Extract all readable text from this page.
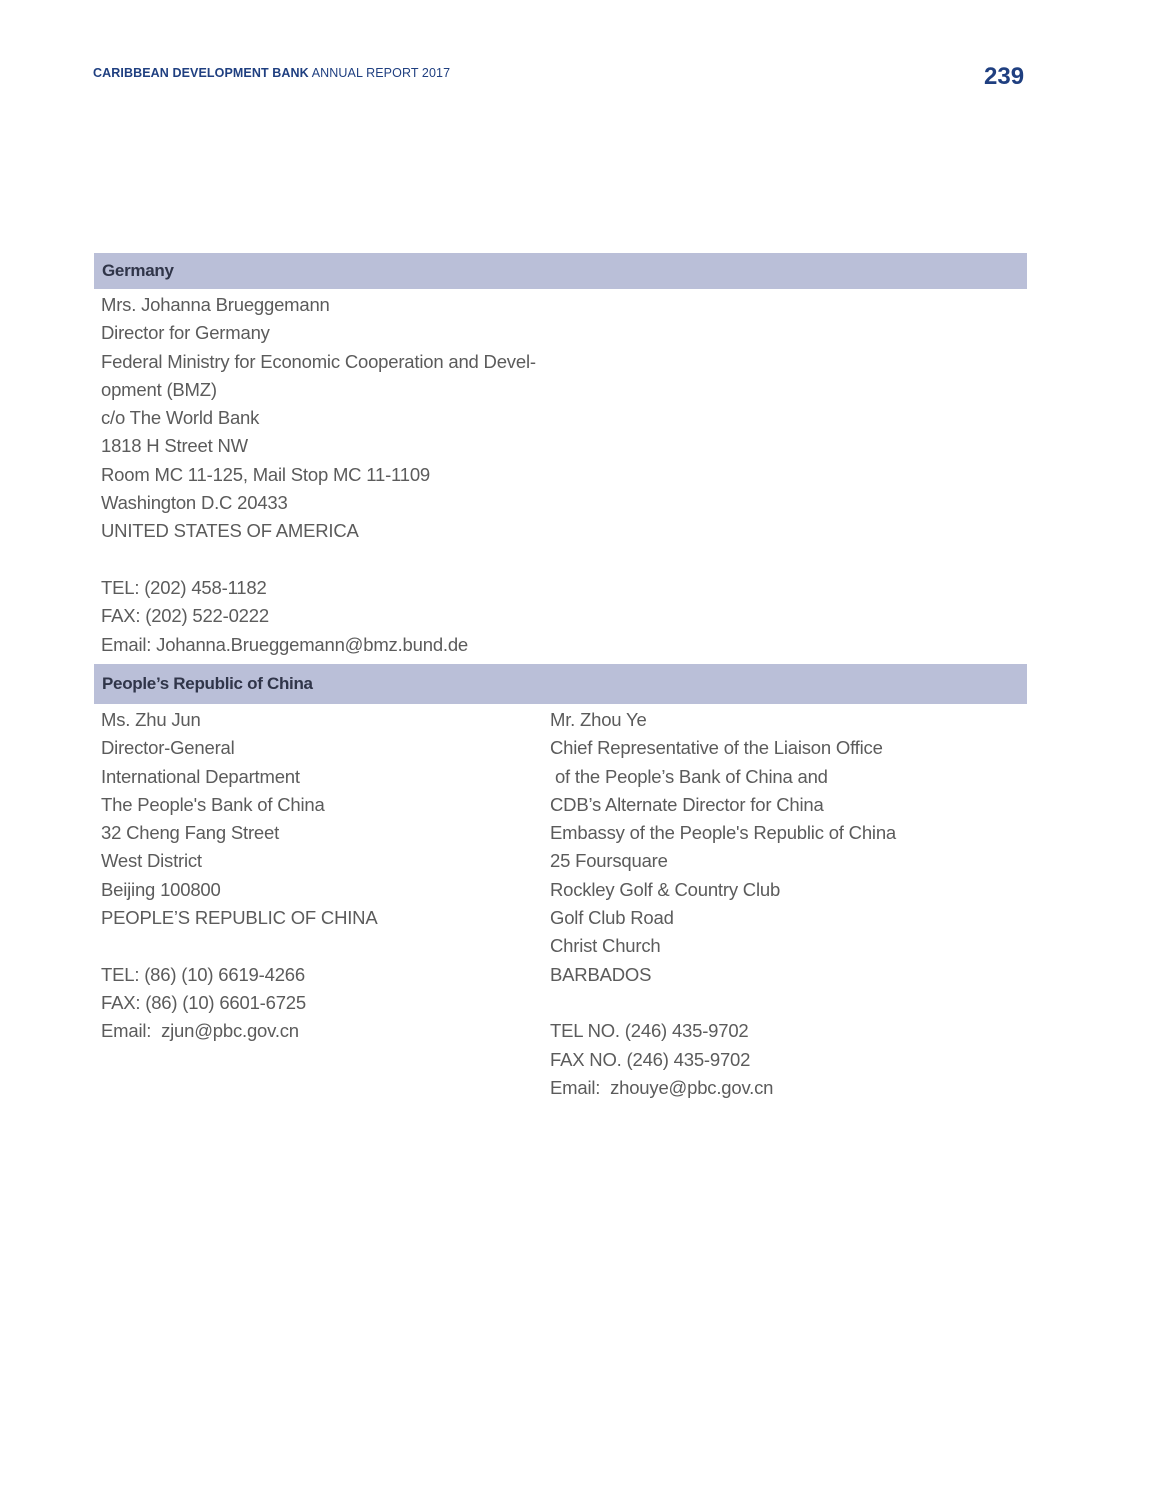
CARIBBEAN DEVELOPMENT BANK ANNUAL REPORT 2017	239
Germany
Mrs. Johanna Brueggemann
Director for Germany
Federal Ministry for Economic Cooperation and Devel-
opment (BMZ)
c/o The World Bank
1818 H Street NW
Room MC 11-125, Mail Stop MC 11-1109
Washington D.C 20433
UNITED STATES OF AMERICA
TEL: (202) 458-1182
FAX: (202) 522-0222
Email: Johanna.Brueggemann@bmz.bund.de
People’s Republic of China
Ms. Zhu Jun
Director-General
International Department
The People's Bank of China
32 Cheng Fang Street
West District
Beijing 100800
PEOPLE’S REPUBLIC OF CHINA
TEL: (86) (10) 6619-4266
FAX: (86) (10) 6601-6725
Email:  zjun@pbc.gov.cn
Mr. Zhou Ye
Chief Representative of the Liaison Office
of the People’s Bank of China and
CDB’s Alternate Director for China
Embassy of the People's Republic of China
25 Foursquare
Rockley Golf & Country Club
Golf Club Road
Christ Church
BARBADOS
TEL NO. (246) 435-9702
FAX NO. (246) 435-9702
Email:  zhouye@pbc.gov.cn
